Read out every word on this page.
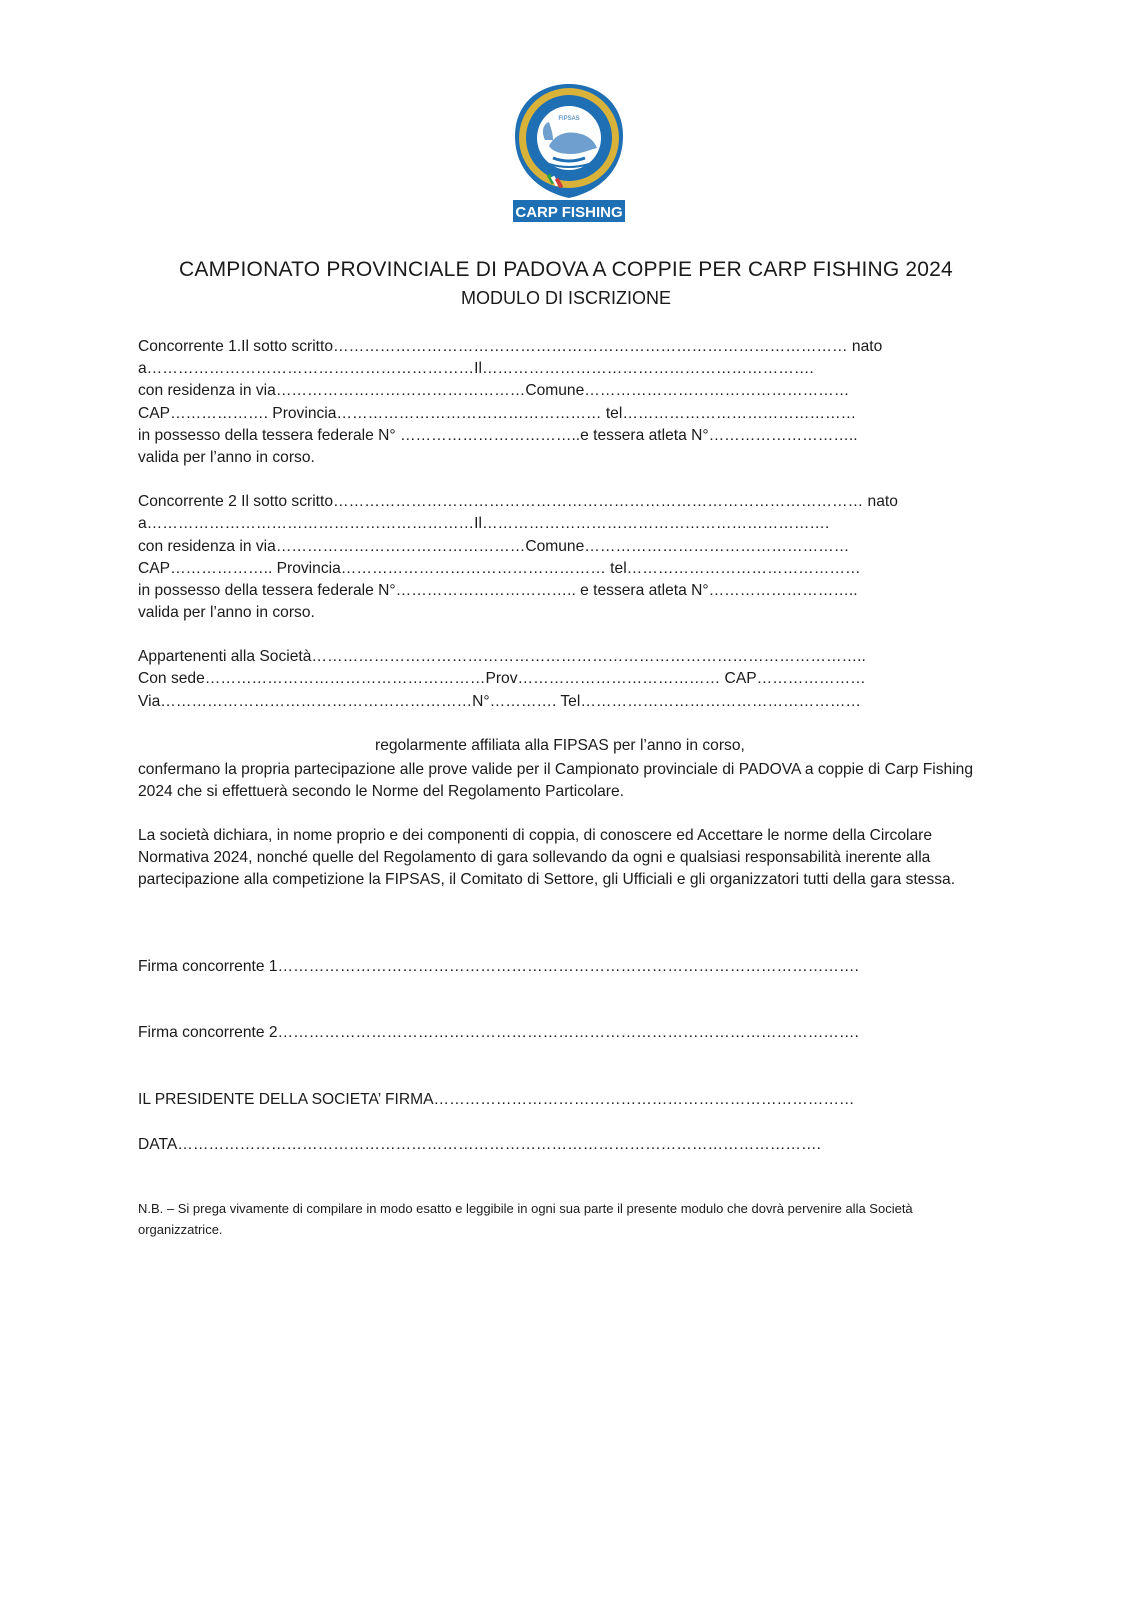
FIPSAS
CARP FISHING
CAMPIONATO PROVINCIALE DI PADOVA A COPPIE PER CARP FISHING 2024
MODULO DI ISCRIZIONE
Concorrente 1.Il sotto scritto……………………………………………………………………………………… nato
a………………………………………………………Il……………………………………………………….
con residenza in via…………………………………………Comune……………………………………………
CAP………………. Provincia…………………………………………… tel………………………………………
in possesso della tessera federale N° ……………………………..e tessera atleta N°………………………..
valida per l’anno in corso.
Concorrente 2 Il sotto scritto………………………………………………………………………………………… nato
a………………………………………………………Il………………………………………………………….
con residenza in via…………………………………………Comune……………………………………………
CAP……………….. Provincia…………………………………………… tel………………………………………
in possesso della tessera federale N°…………………………….. e tessera atleta N°………………………..
valida per l’anno in corso.
Appartenenti alla Società……………………………………………………………………………………………..
Con sede………………………………………………Prov………………………………… CAP…………………
Via……………………………………………………N°…………. Tel………………………………………………
regolarmente affiliata alla FIPSAS per l’anno in corso,

confermano la propria partecipazione alle prove valide per il Campionato provinciale di PADOVA a coppie di Carp Fishing 2024 che si effettuerà secondo le Norme del Regolamento Particolare.

La società dichiara, in nome proprio e dei componenti di coppia, di conoscere ed Accettare le norme della Circolare Normativa 2024, nonché quelle del Regolamento di gara sollevando da ogni e qualsiasi responsabilità inerente alla partecipazione alla competizione la FIPSAS, il Comitato di Settore, gli Ufficiali e gli organizzatori tutti della gara stessa.

Firma concorrente 1………………………………………………………………………………………………….
Firma concorrente 2………………………………………………………………………………………………….
IL PRESIDENTE DELLA SOCIETA’ FIRMA………………………………………………………………………
DATA…………………………………………………………………………………………………………….

N.B. – Si prega vivamente di compilare in modo esatto e leggibile in ogni sua parte il presente modulo che dovrà pervenire alla Società organizzatrice.
